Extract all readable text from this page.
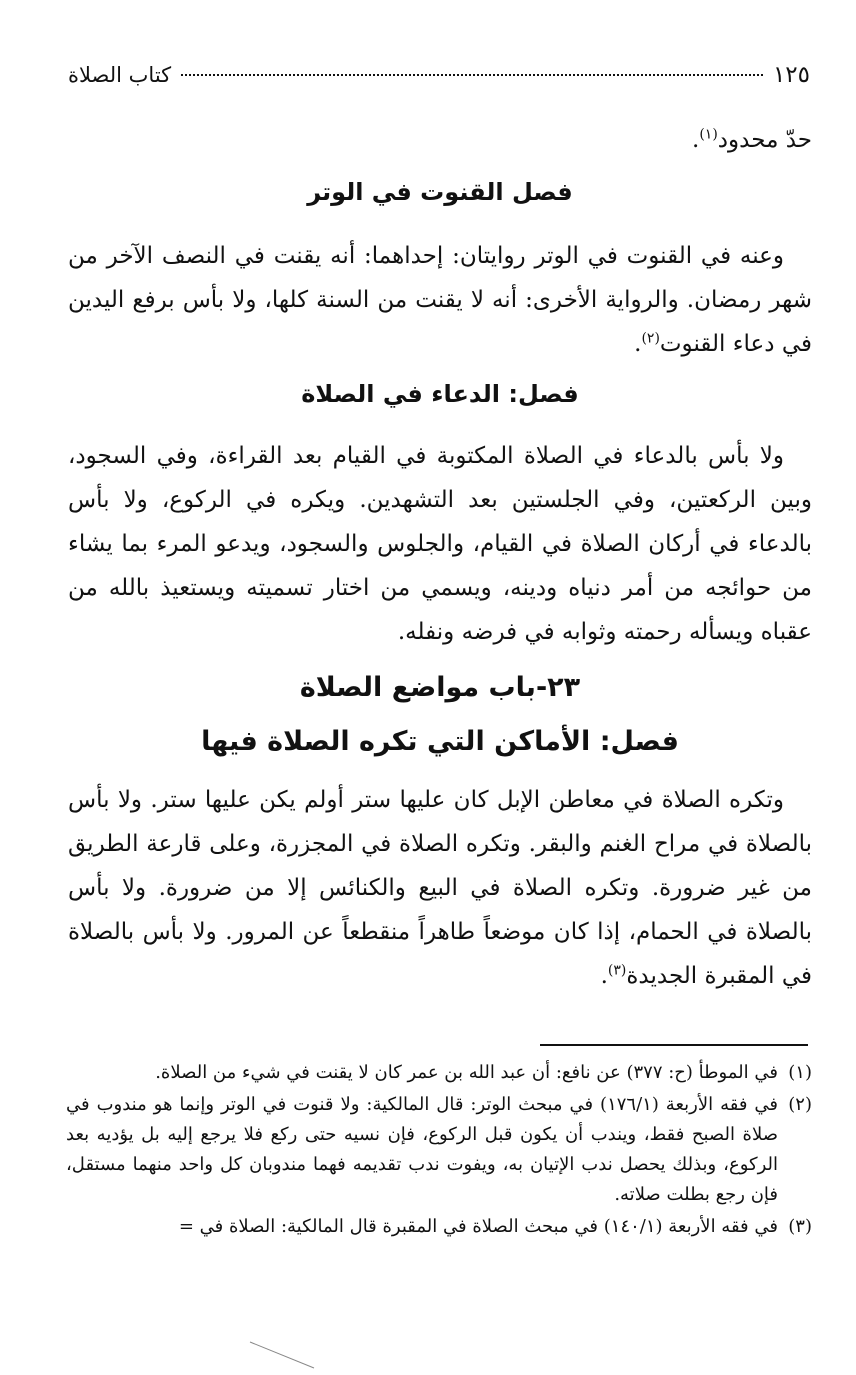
١٢٥
كتاب الصلاة

حدّ محدود$^{(١)}$.

فصل القنوت في الوتر

وعنه في القنوت في الوتر روايتان: إحداهما: أنه يقنت في النصف الآخر من شهر رمضان. والرواية الأخرى: أنه لا يقنت من السنة كلها، ولا بأس برفع اليدين في دعاء القنوت$^{(٢)}$.

فصل: الدعاء في الصلاة

ولا بأس بالدعاء في الصلاة المكتوبة في القيام بعد القراءة، وفي السجود، وبين الركعتين، وفي الجلستين بعد التشهدين. ويكره في الركوع، ولا بأس بالدعاء في أركان الصلاة في القيام، والجلوس والسجود، ويدعو المرء بما يشاء من حوائجه من أمر دنياه ودينه، ويسمي من اختار تسميته ويستعيذ بالله من عقباه ويسأله رحمته وثوابه في فرضه ونفله.

٢٣-باب مواضع الصلاة
فصل: الأماكن التي تكره الصلاة فيها

وتكره الصلاة في معاطن الإبل كان عليها ستر أولم يكن عليها ستر. ولا بأس بالصلاة في مراح الغنم والبقر. وتكره الصلاة في المجزرة، وعلى قارعة الطريق من غير ضرورة. وتكره الصلاة في البيع والكنائس إلا من ضرورة. ولا بأس بالصلاة في الحمام، إذا كان موضعاً طاهراً منقطعاً عن المرور. ولا بأس بالصلاة في المقبرة الجديدة$^{(٣)}$.

(١)في الموطأ (ح: ٣٧٧) عن نافع: أن عبد الله بن عمر كان لا يقنت في شيء من الصلاة.

(٢)في فقه الأربعة (١٧٦/١) في مبحث الوتر: قال المالكية: ولا قنوت في الوتر وإنما هو مندوب في صلاة الصبح فقط، ويندب أن يكون قبل الركوع، فإن نسيه حتى ركع فلا يرجع إليه بل يؤديه بعد الركوع، وبذلك يحصل ندب الإتيان به، ويفوت ندب تقديمه فهما مندوبان كل واحد منهما مستقل، فإن رجع بطلت صلاته.

(٣)في فقه الأربعة (١٤٠/١) في مبحث الصلاة في المقبرة قال المالكية: الصلاة في =
